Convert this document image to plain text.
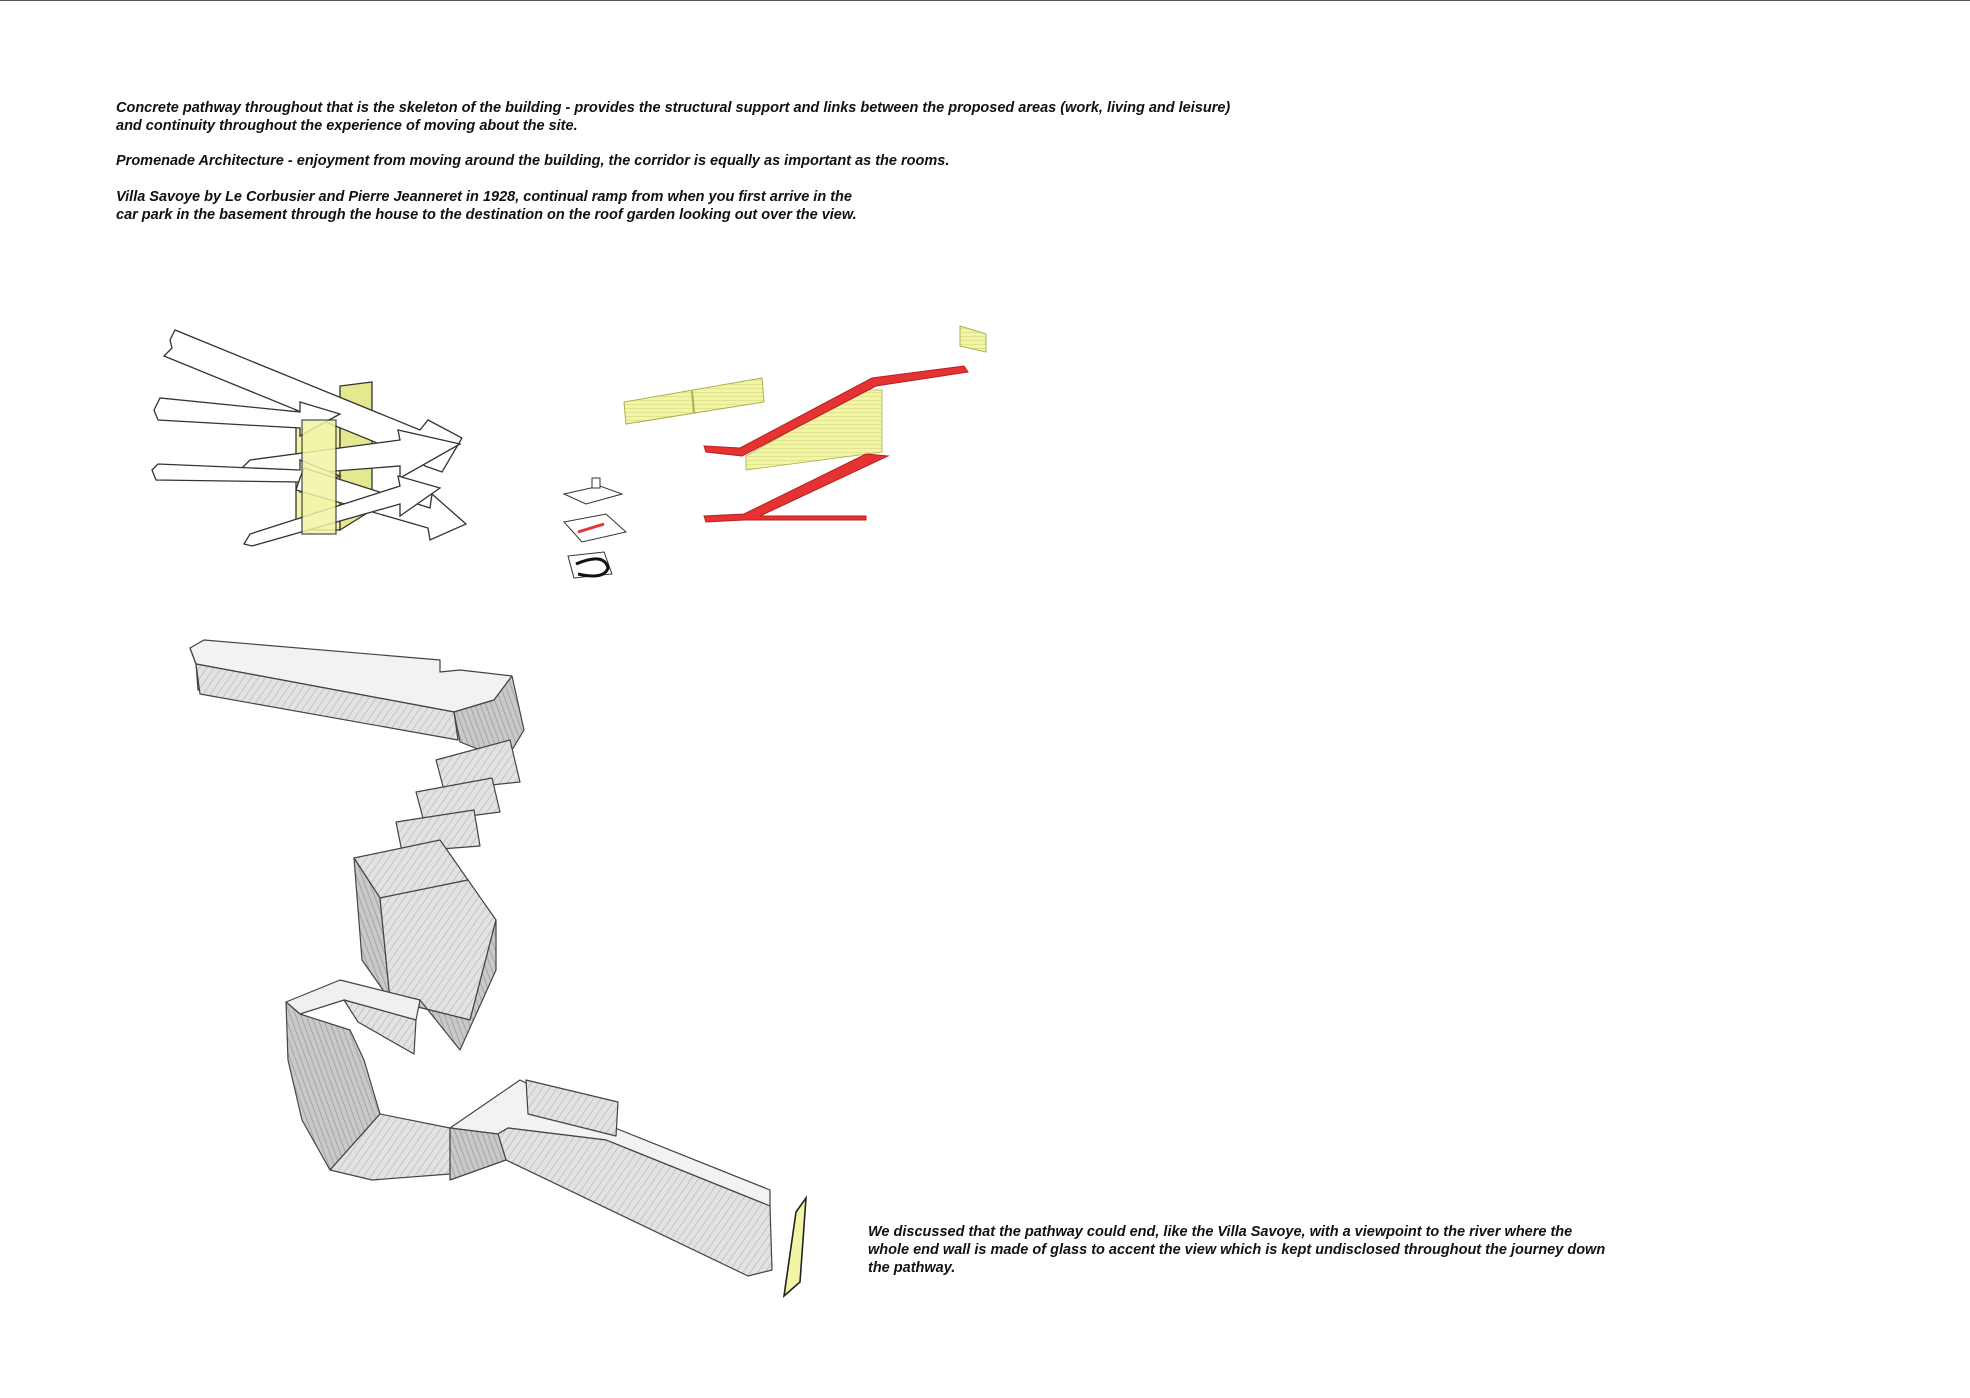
Concrete pathway throughout that is the skeleton of the building - provides the structural support and links between the proposed areas (work, living and leisure)
and continuity throughout the experience of moving about the site.

Promenade Architecture - enjoyment from moving around the building, the corridor is equally as important as the rooms.

Villa Savoye by Le Corbusier and Pierre Jeanneret in 1928, continual ramp from when you first arrive in the
car park in the basement through the house to the destination on the roof garden looking out over the view.

We discussed that the pathway could end, like the Villa Savoye, with a viewpoint to the river where the
whole end wall is made of glass to accent the view which is kept undisclosed throughout the journey down
the pathway.
